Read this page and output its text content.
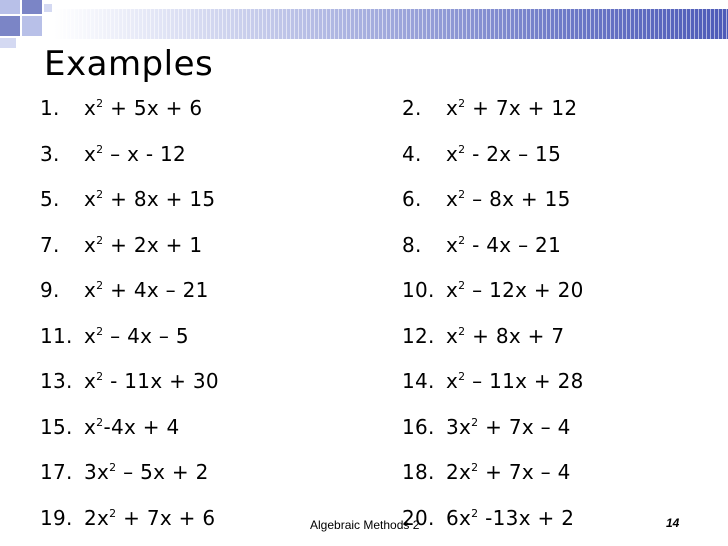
Examples
1. $x^2 + 5x + 6$	2. $x^2 + 7x + 12$
3. $x^2$ – x - 12	4. $x^2 - 2x - 15$
5. $x^2 + 8x + 15$	6. $x^2 - 8x + 15$
7. $x^2 + 2x + 1$	8. $x^2 - 4x - 21$
9. $x^2 + 4x - 21$	10. $x^2 - 12x + 20$
11. $x^2 - 4x - 5$	12. $x^2 + 8x + 7$
13. $x^2 - 11x + 30$	14. $x^2 - 11x + 28$
15. $x^2-4x + 4$	16. $3x^2 + 7x - 4$
17. $3x^2 - 5x + 2$	18. $2x^2 + 7x - 4$
19. $2x^2 + 7x + 6$	20. $6x^2$ -13x + 2
Algebraic Methods 2	14
